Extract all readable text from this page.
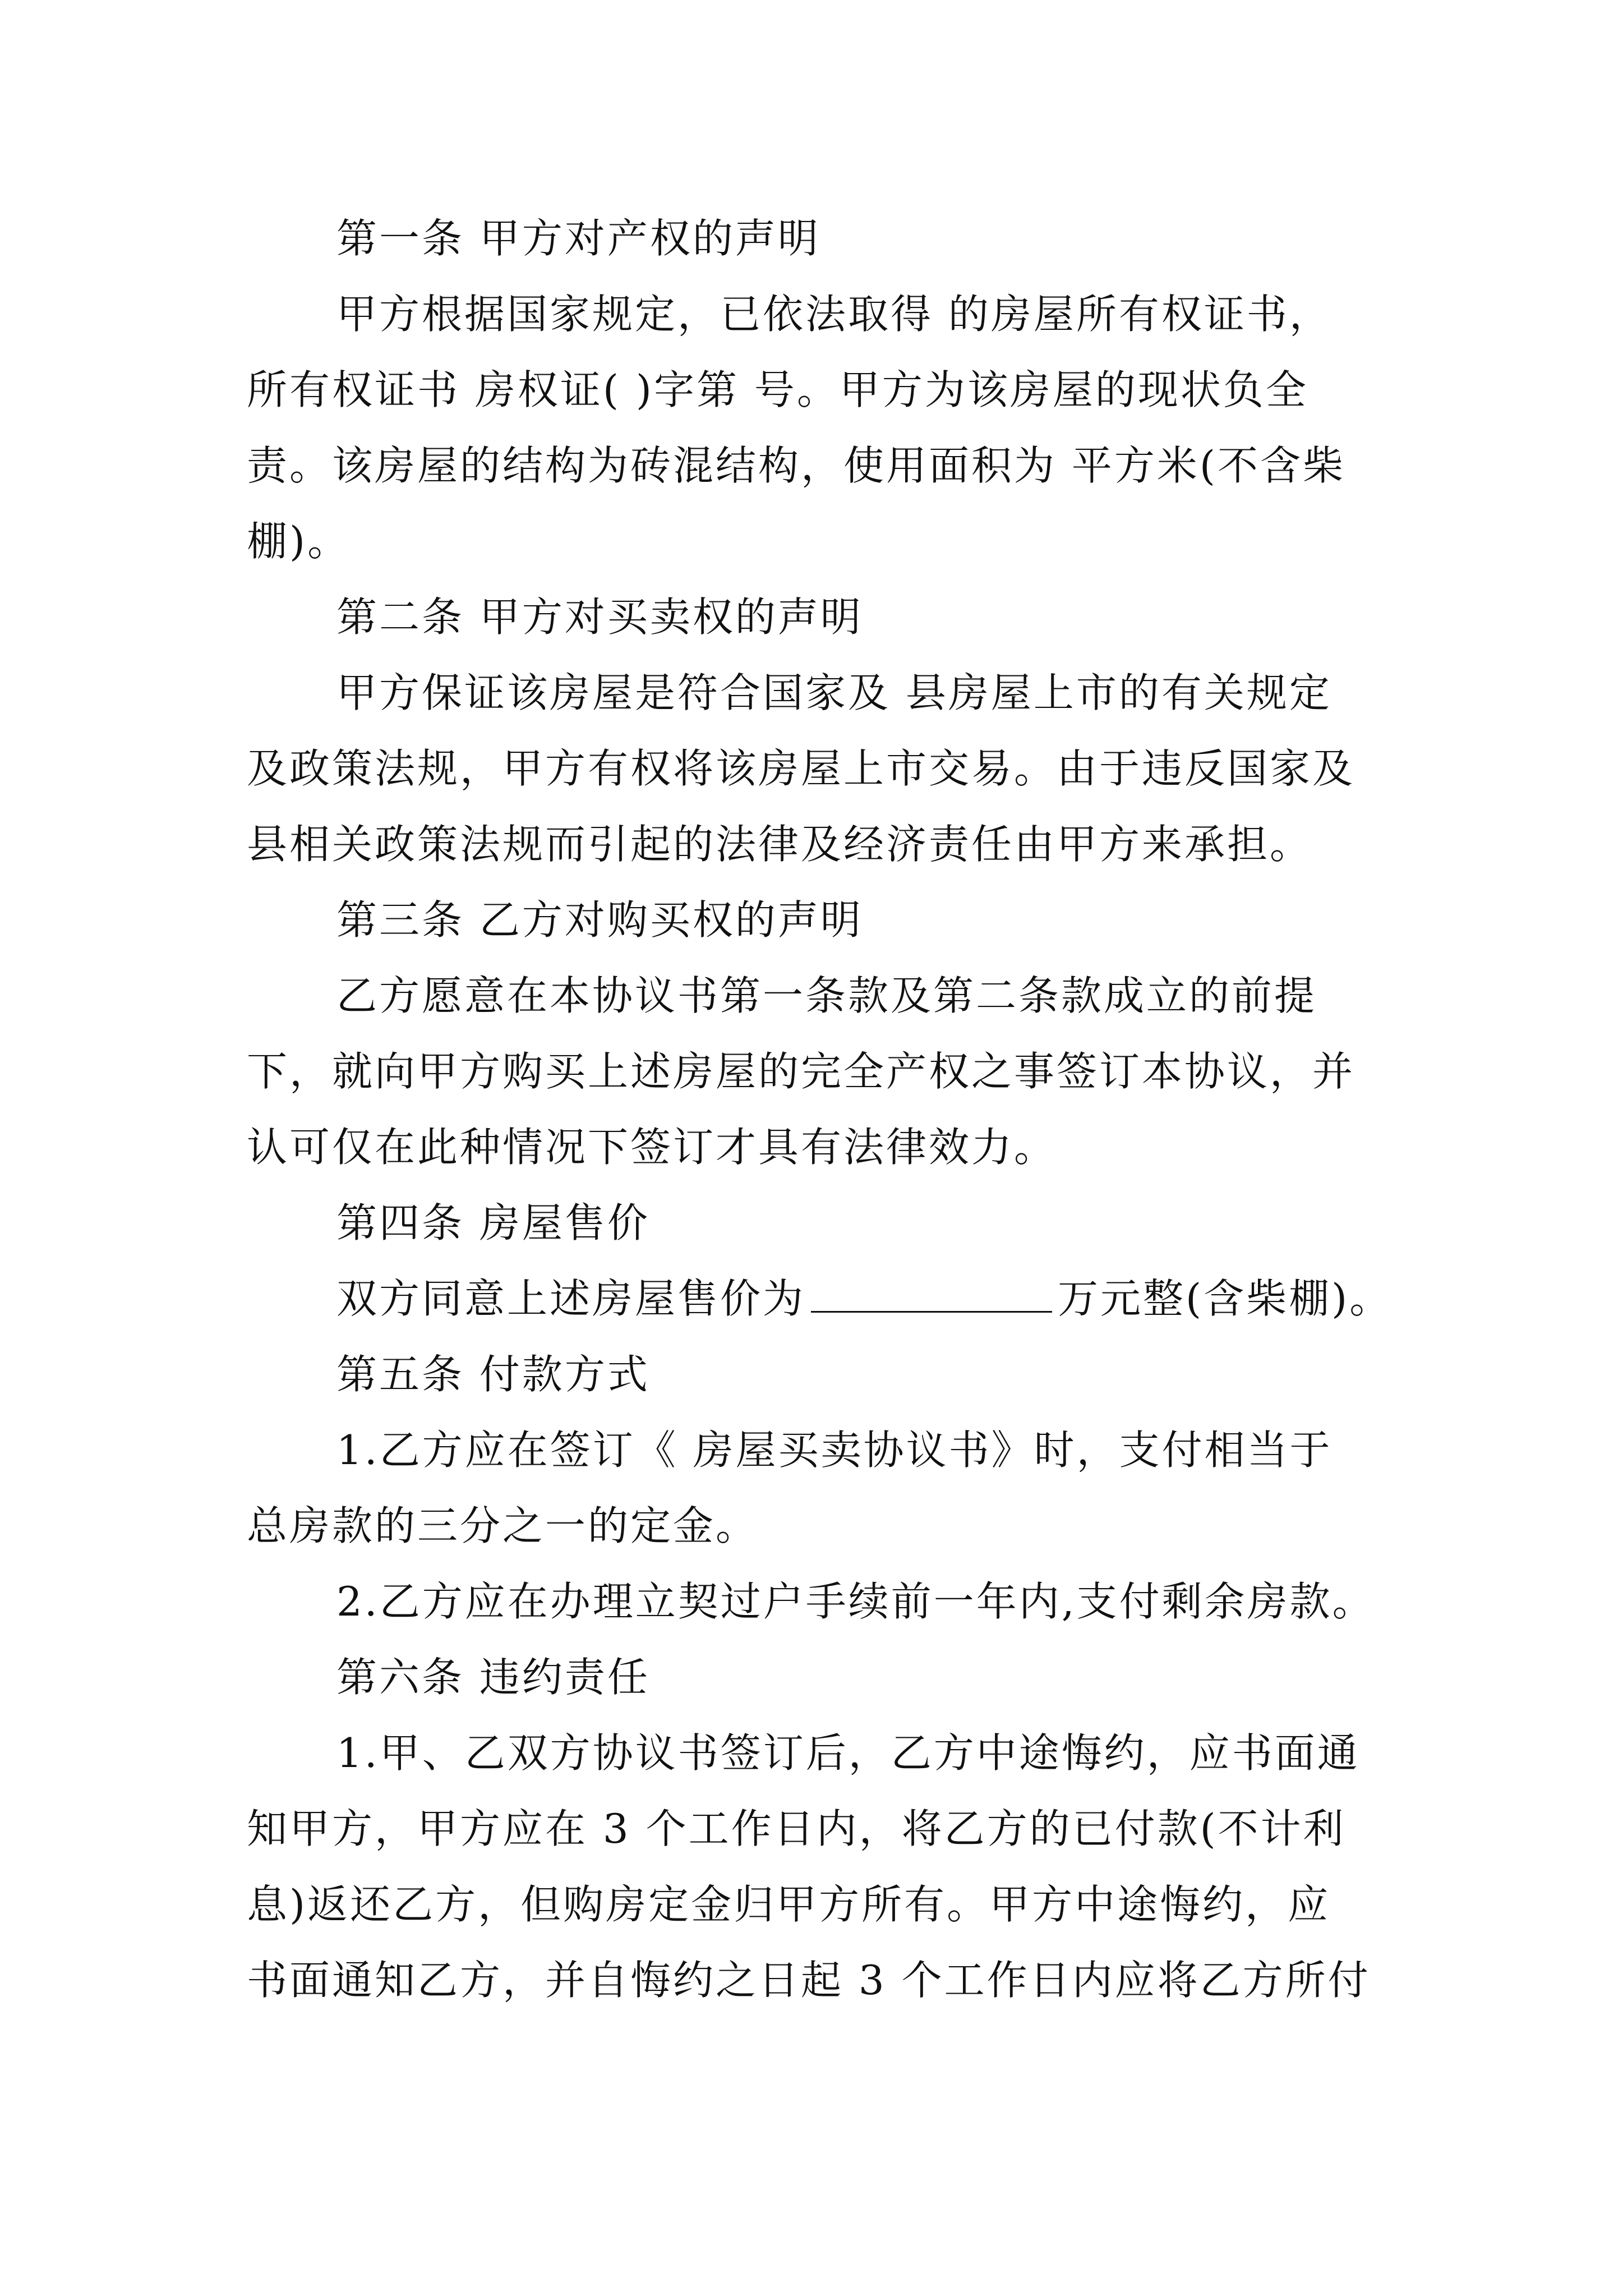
第一条 甲方对产权的声明
甲方根据国家规定，已依法取得 的房屋所有权证书，
所有权证书 房权证( )字第 号。甲方为该房屋的现状负全
责。该房屋的结构为砖混结构，使用面积为 平方米(不含柴
棚)。
第二条 甲方对买卖权的声明
甲方保证该房屋是符合国家及 县房屋上市的有关规定
及政策法规，甲方有权将该房屋上市交易。由于违反国家及
县相关政策法规而引起的法律及经济责任由甲方来承担。
第三条 乙方对购买权的声明
乙方愿意在本协议书第一条款及第二条款成立的前提
下，就向甲方购买上述房屋的完全产权之事签订本协议，并
认可仅在此种情况下签订才具有法律效力。
第四条 房屋售价
双方同意上述房屋售价为	万元整(含柴棚)。
第五条 付款方式
1.乙方应在签订《 房屋买卖协议书》时，支付相当于
总房款的三分之一的定金。
2.乙方应在办理立契过户手续前一年内,支付剩余房款。
第六条 违约责任
1.甲、乙双方协议书签订后，乙方中途悔约，应书面通
知甲方，甲方应在 3 个工作日内，将乙方的已付款(不计利
息)返还乙方，但购房定金归甲方所有。甲方中途悔约，应
书面通知乙方，并自悔约之日起 3 个工作日内应将乙方所付
